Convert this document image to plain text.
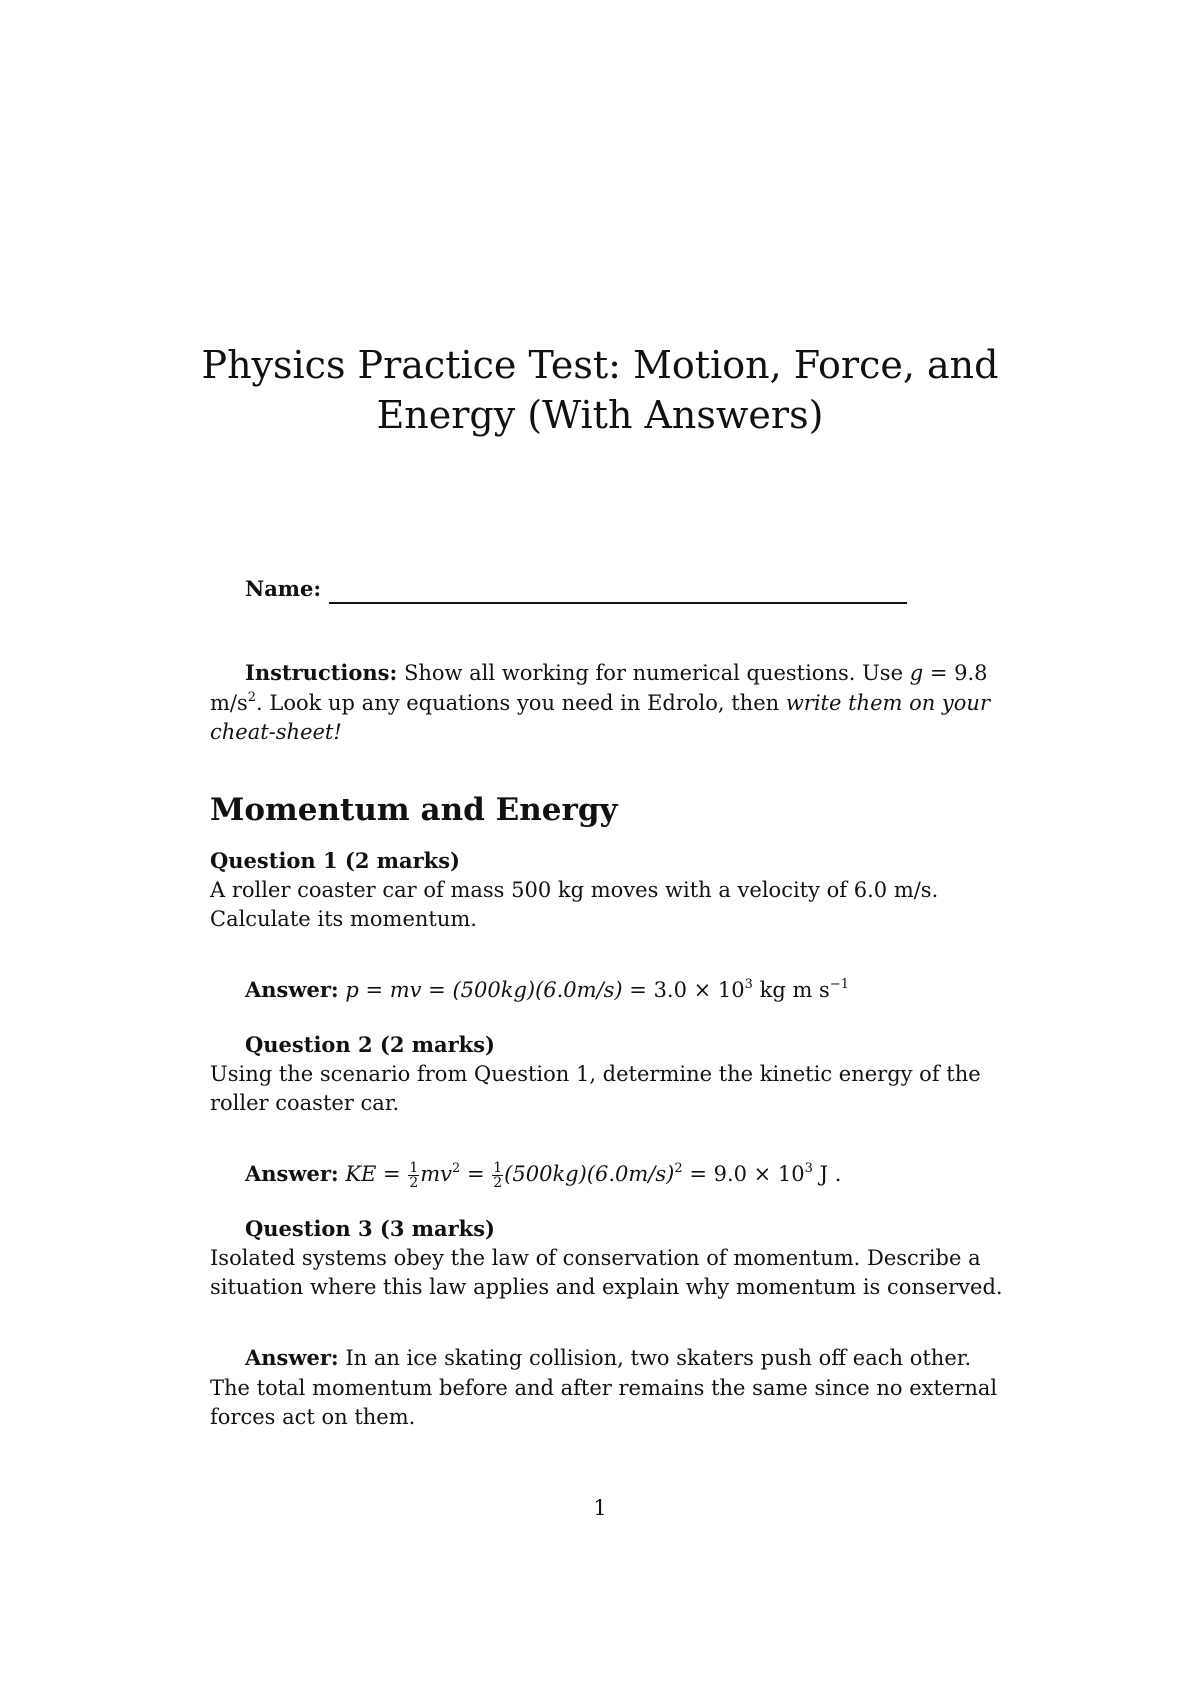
Physics Practice Test: Motion, Force, and
Energy (With Answers)
Name:

Instructions: Show all working for numerical questions. Use g = 9.8 $m/s^2$. Look up any equations you need in Edrolo, then write them on your cheat-sheet!

Momentum and Energy
Question 1 (2 marks)
A roller coaster car of mass 500 kg moves with a velocity of 6.0 m/s. Calculate its momentum.

Answer: p = mv = $(500kg)(6.0m/s) = 3.0 \times 10^3$ kg m $s^{-1}$

Question 2 (2 marks)
Using the scenario from Question 1, determine the kinetic energy of the roller coaster car.

Answer: KE = $\frac{1}{2} mv^2 = \frac{1}{2} (500kg)(6.0m/s)^2 = 9.0 \times 10^3$ J .

Question 3 (3 marks)
Isolated systems obey the law of conservation of momentum. Describe a situation where this law applies and explain why momentum is conserved.

Answer: In an ice skating collision, two skaters push off each other. The total momentum before and after remains the same since no external forces act on them.

1
